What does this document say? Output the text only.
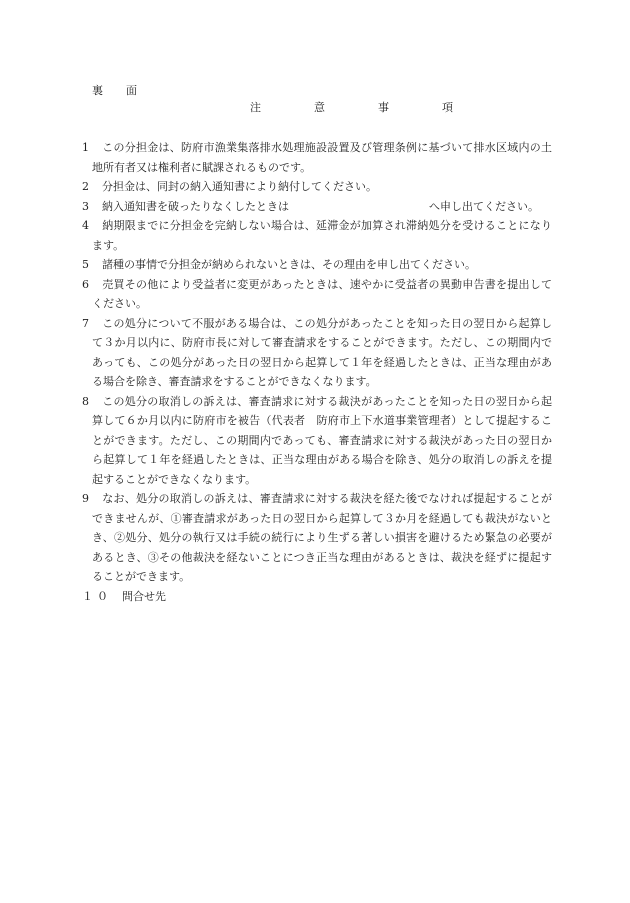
裏　面
注　意　事　項

1 この分担金は、防府市漁業集落排水処理施設設置及び管理条例に基づいて排水区域内の土地所有者又は権利者に賦課されるものです。

2 分担金は、同封の納入通知書により納付してください。

3 納入通知書を破ったりなくしたときは	へ申し出てください。

4 納期限までに分担金を完納しない場合は、延滞金が加算され滞納処分を受けることになります。

5 諸種の事情で分担金が納められないときは、その理由を申し出てください。

6 売買その他により受益者に変更があったときは、速やかに受益者の異動申告書を提出してください。

7 この処分について不服がある場合は、この処分があったことを知った日の翌日から起算して３か月以内に、防府市長に対して審査請求をすることができます。ただし、この期間内であっても、この処分があった日の翌日から起算して１年を経過したときは、正当な理由がある場合を除き、審査請求をすることができなくなります。

8 この処分の取消しの訴えは、審査請求に対する裁決があったことを知った日の翌日から起算して６か月以内に防府市を被告（代表者　防府市上下水道事業管理者）として提起することができます。ただし、この期間内であっても、審査請求に対する裁決があった日の翌日から起算して１年を経過したときは、正当な理由がある場合を除き、処分の取消しの訴えを提起することができなくなります。

9 なお、処分の取消しの訴えは、審査請求に対する裁決を経た後でなければ提起することができませんが、①審査請求があった日の翌日から起算して３か月を経過しても裁決がないとき、②処分、処分の執行又は手続の続行により生ずる著しい損害を避けるため緊急の必要があるとき、③その他裁決を経ないことにつき正当な理由があるときは、裁決を経ずに提起することができます。

１０ 問合せ先
